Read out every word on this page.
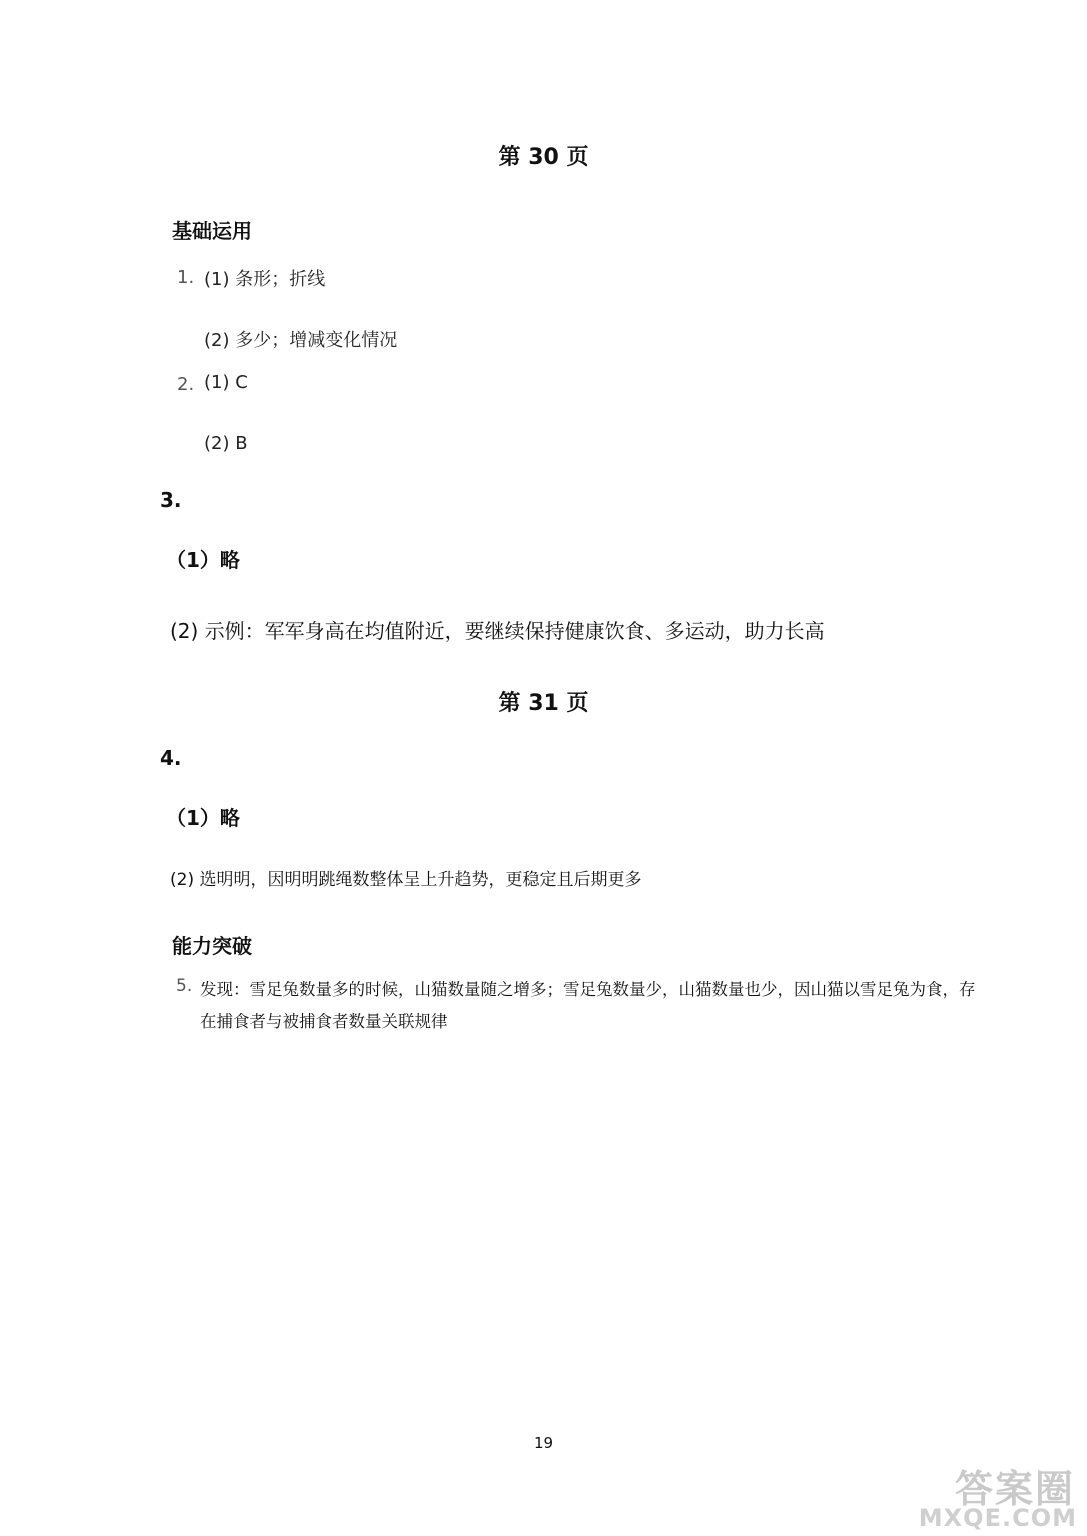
第 30 页
基础运用
1. (1) 条形；折线
(2) 多少；增减变化情况
2. (1) C
(2) B
3.
（1）略
(2) 示例：军军身高在均值附近，要继续保持健康饮食、多运动，助力长高
第 31 页
4.
（1）略
(2) 选明明，因明明跳绳数整体呈上升趋势，更稳定且后期更多
能力突破
5. 发现：雪足兔数量多的时候，山猫数量随之增多；雪足兔数量少，山猫数量也少，因山猫以雪足兔为食，存
在捕食者与被捕食者数量关联规律
19
答案圈
MXQE.COM
